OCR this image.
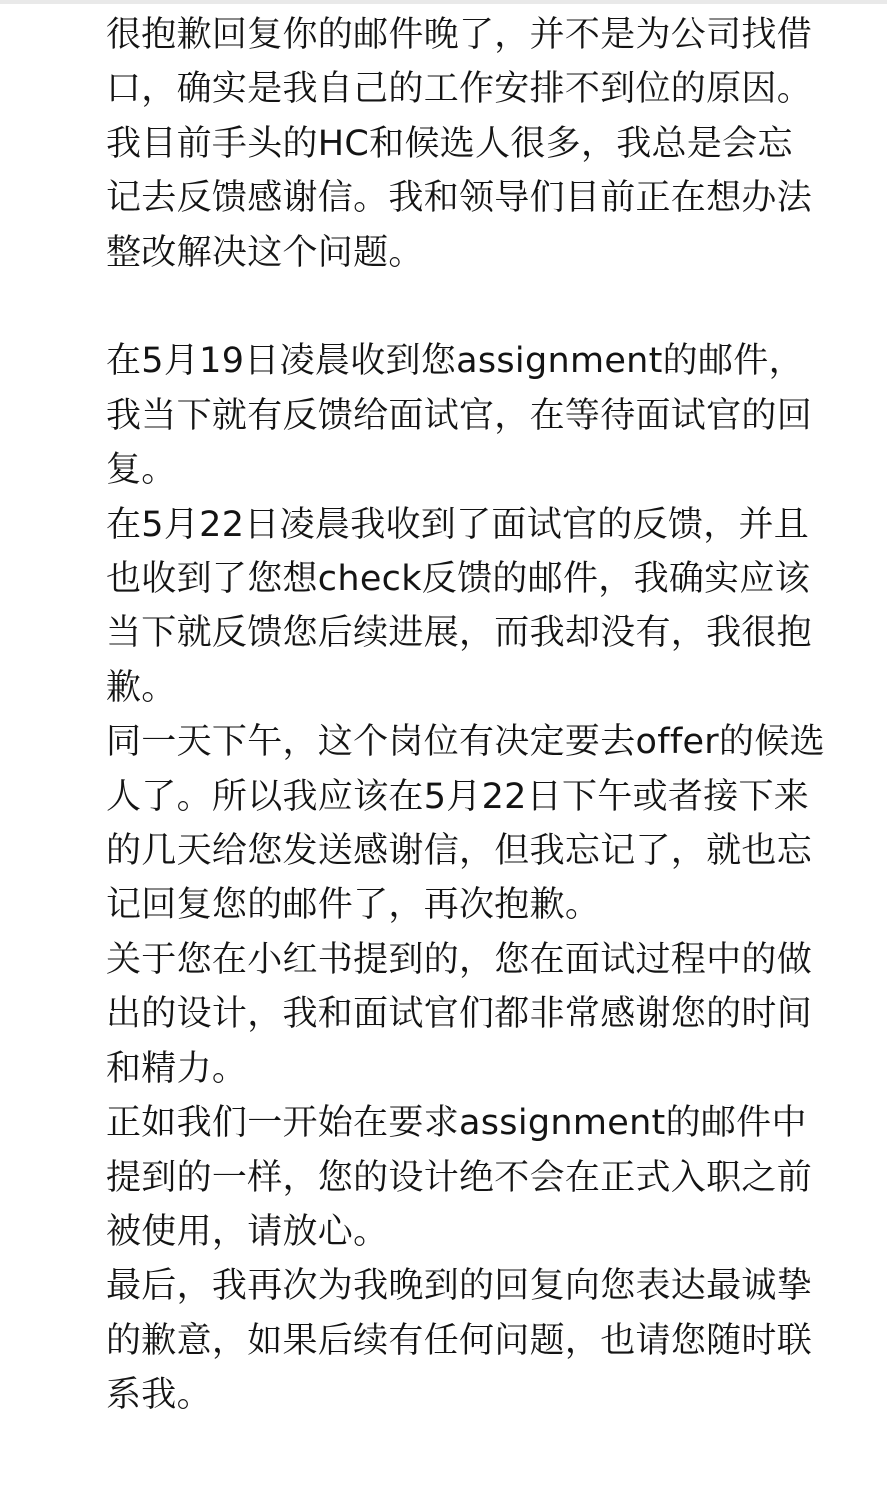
很抱歉回复你的邮件晚了，并不是为公司找借口，确实是我自己的工作安排不到位的原因。

我目前手头的HC和候选人很多，我总是会忘记去反馈感谢信。我和领导们目前正在想办法整改解决这个问题。

在5月19日凌晨收到您assignment的邮件，我当下就有反馈给面试官，在等待面试官的回复。

在5月22日凌晨我收到了面试官的反馈，并且也收到了您想check反馈的邮件，我确实应该当下就反馈您后续进展，而我却没有，我很抱歉。

同一天下午，这个岗位有决定要去offer的候选人了。所以我应该在5月22日下午或者接下来的几天给您发送感谢信，但我忘记了，就也忘记回复您的邮件了，再次抱歉。

关于您在小红书提到的，您在面试过程中的做出的设计，我和面试官们都非常感谢您的时间和精力。

正如我们一开始在要求assignment的邮件中提到的一样，您的设计绝不会在正式入职之前被使用，请放心。

最后，我再次为我晚到的回复向您表达最诚挚的歉意，如果后续有任何问题，也请您随时联系我。
